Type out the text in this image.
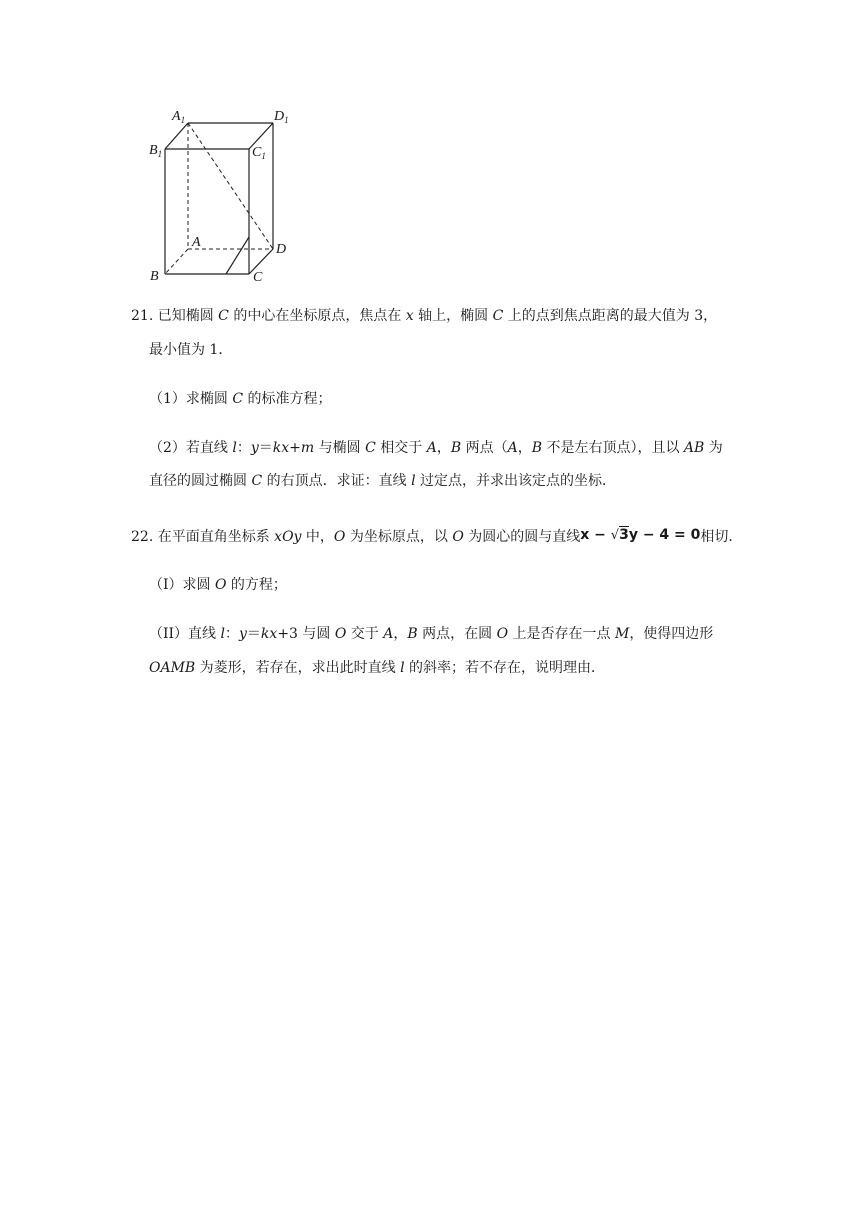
$A_1$	$D_1$
$B_1$	$C_1$
A	D
B	C
21. 已知椭圆 C 的中心在坐标原点，焦点在 x 轴上，椭圆 C 上的点到焦点距离的最大值为 3，
最小值为 1．
（1）求椭圆 C 的标准方程；
（2）若直线 l：y＝kx+m 与椭圆 C 相交于 A，B 两点（A，B 不是左右顶点），且以 AB 为
直径的圆过椭圆 C 的右顶点．求证：直线 l 过定点，并求出该定点的坐标．
22. 在平面直角坐标系 xOy 中，O 为坐标原点，以 O 为圆心的圆与直线x − √3y − 4 = 0相切．
（I）求圆 O 的方程；
（II）直线 l：y＝kx+3 与圆 O 交于 A，B 两点，在圆 O 上是否存在一点 M，使得四边形
OAMB 为菱形，若存在，求出此时直线 l 的斜率；若不存在，说明理由．
